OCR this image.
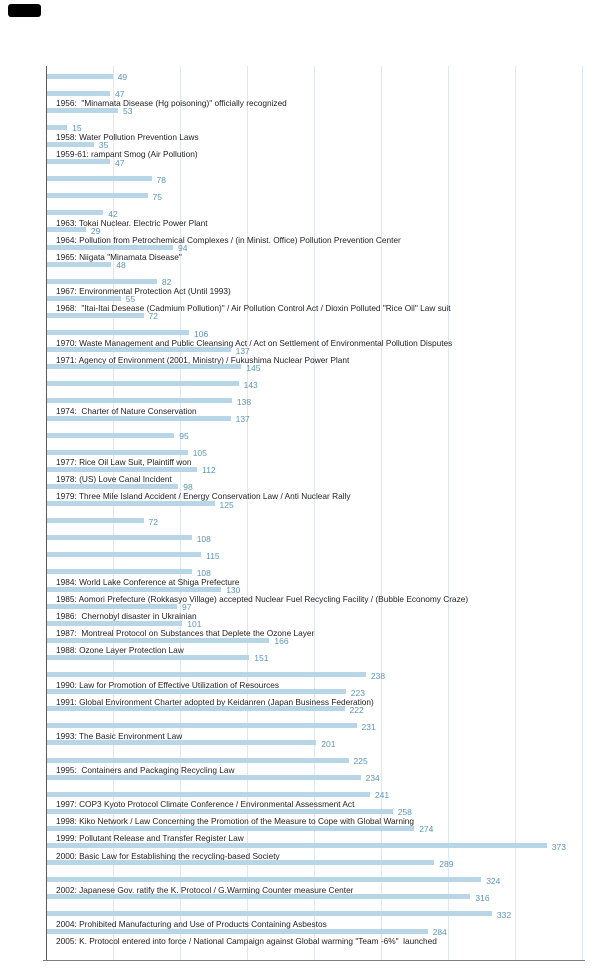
49
47
1956:  "Minamata Disease (Hg poisoning)" officially recognized
53
15
1958: Water Pollution Prevention Laws
35
1959-61: rampant Smog (Air Pollution)
47
78
75
42
1963: Tokai Nuclear. Electric Power Plant
29
1964: Pollution from Petrochemical Complexes / (in Minist. Office) Pollution Prevention Center
94
1965: Niigata "Minamata Disease"
48
82
1967: Environmental Protection Act (Until 1993)
55
1968:  "Itai-Itai Desease (Cadmium Pollution)" / Air Pollution Control Act / Dioxin Polluted "Rice Oil" Law suit
72
106
1970: Waste Management and Public Cleansing Act / Act on Settlement of Environmental Pollution Disputes
137
1971: Agency of Environment (2001, Ministry) / Fukushima Nuclear Power Plant
145
143
138
1974:  Charter of Nature Conservation
137
95
105
1977: Rice Oil Law Suit, Plaintiff won
112
1978: (US) Love Canal Incident
98
1979: Three Mile Island Accident / Energy Conservation Law / Anti Nuclear Rally
125
72
108
115
108
1984: World Lake Conference at Shiga Prefecture
130
1985: Aomori Prefecture (Rokkasyo Village) accepted Nuclear Fuel Recycling Facility / (Bubble Economy Craze)
97
1986:  Chernobyl disaster in Ukrainian
101
1987:  Montreal Protocol on Substances that Deplete the Ozone Layer
166
1988: Ozone Layer Protection Law
151
238
1990: Law for Promotion of Effective Utilization of Resources
223
1991: Global Environment Charter adopted by Keidanren (Japan Business Federation)
222
231
1993: The Basic Environment Law
201
225
1995:  Containers and Packaging Recycling Law
234
241
1997: COP3 Kyoto Protocol Climate Conference / Environmental Assessment Act
258
1998: Kiko Network / Law Concerning the Promotion of the Measure to Cope with Global Warning
274
1999: Pollutant Release and Transfer Register Law
373
2000: Basic Law for Establishing the recycling-based Society
289
324
2002: Japanese Gov. ratify the K. Protocol / G.Warming Counter measure Center
316
332
2004: Prohibited Manufacturing and Use of Products Containing Asbestos
284
2005: K. Protocol entered into force / National Campaign against Global warming "Team -6%"  launched
